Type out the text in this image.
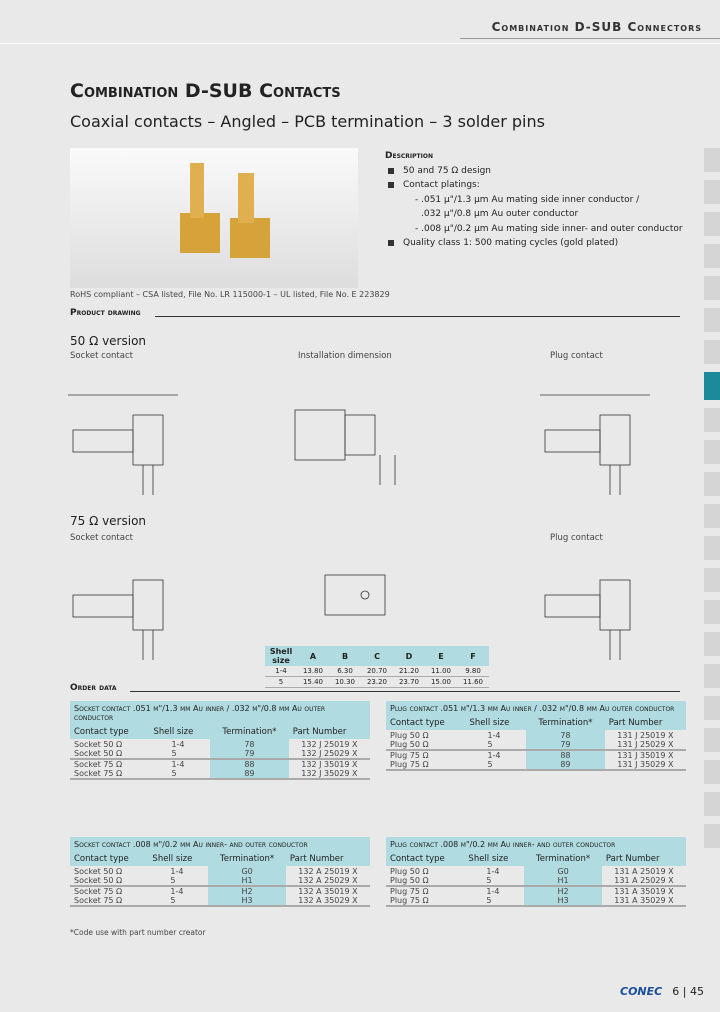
Combination D-SUB Connectors
Combination D-SUB Contacts
Coaxial contacts – Angled – PCB termination – 3 solder pins
RoHS compliant – CSA listed, File No. LR 115000-1 – UL listed, File No. E 223829
Description
50 and 75 Ω design
Contact platings:
- .051 µ"/1.3 µm Au mating side inner conductor /
.032 µ"/0.8 µm Au outer conductor
- .008 µ"/0.2 µm Au mating side inner- and outer conductor
Quality class 1: 500 mating cycles (gold plated)
Product drawing
50 Ω version
Socket contact	Installation dimension	Plug contact
75 Ω version
Socket contact	Plug contact
Shell size	A	B	C	D	E	F
1-4	13.80	6.30	20.70	21.20	11.00	9.80
5	15.40	10.30	23.20	23.70	15.00	11.60
Order data
Socket contact .051 µ"/1.3 µm Au inner / .032 µ"/0.8 µm Au outer conductor
Contact type	Shell size	Termination*	Part Number
Socket 50 Ω	1-4	78	132 J 25019 X
Socket 50 Ω	5	79	132 J 25029 X
Socket 75 Ω	1-4	88	132 J 35019 X
Socket 75 Ω	5	89	132 J 35029 X
Plug contact .051 µ"/1.3 µm Au inner / .032 µ"/0.8 µm Au outer conductor
Contact type	Shell size	Termination*	Part Number
Plug 50 Ω	1-4	78	131 J 25019 X
Plug 50 Ω	5	79	131 J 25029 X
Plug 75 Ω	1-4	88	131 J 35019 X
Plug 75 Ω	5	89	131 J 35029 X
Socket contact .008 µ"/0.2 µm Au inner- and outer conductor
Contact type	Shell size	Termination*	Part Number
Socket 50 Ω	1-4	G0	132 A 25019 X
Socket 50 Ω	5	H1	132 A 25029 X
Socket 75 Ω	1-4	H2	132 A 35019 X
Socket 75 Ω	5	H3	132 A 35029 X
Plug contact .008 µ"/0.2 µm Au inner- and outer conductor
Contact type	Shell size	Termination*	Part Number
Plug 50 Ω	1-4	G0	131 A 25019 X
Plug 50 Ω	5	H1	131 A 25029 X
Plug 75 Ω	1-4	H2	131 A 35019 X
Plug 75 Ω	5	H3	131 A 35029 X
*Code use with part number creator
CONEC 6 | 45
